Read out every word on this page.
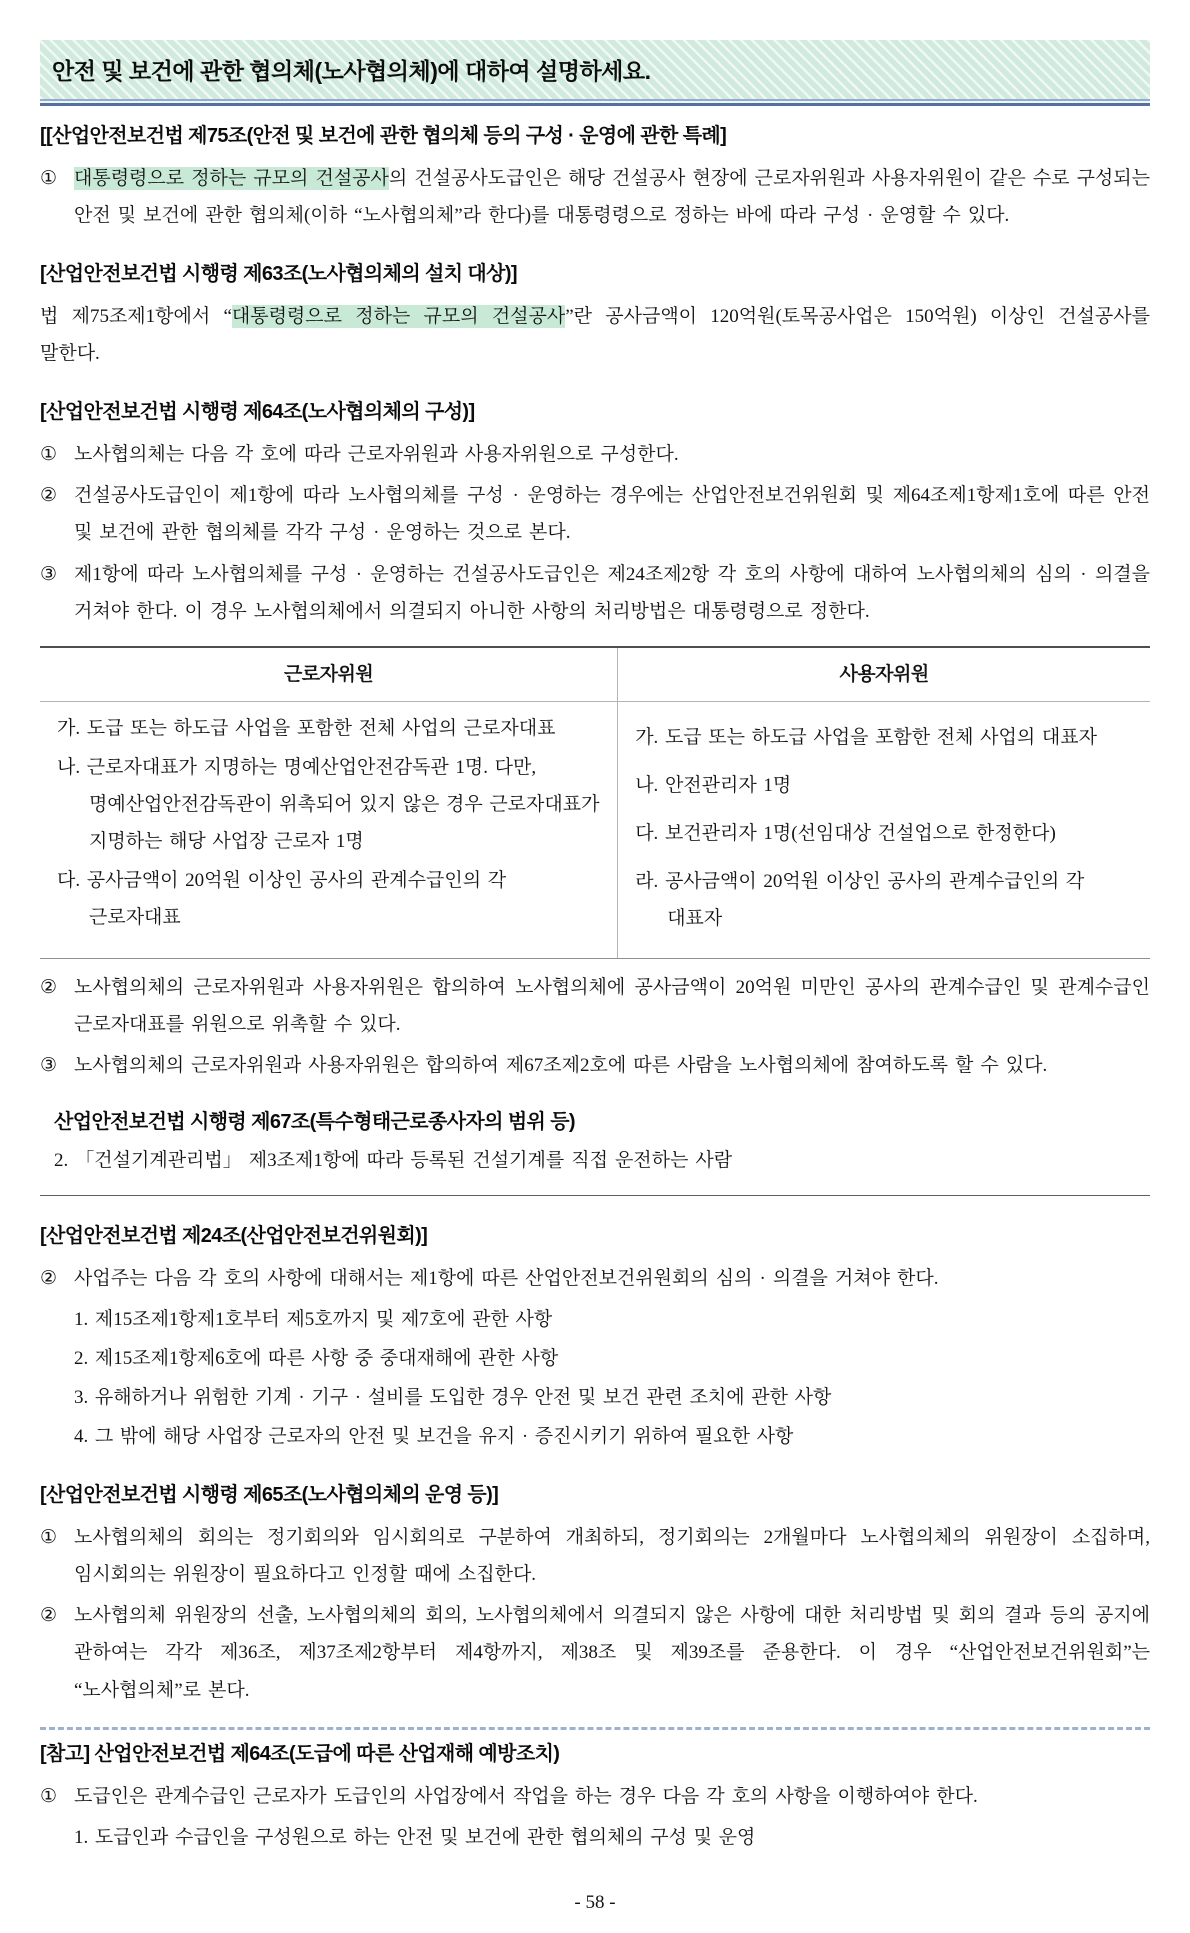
안전 및 보건에 관한 협의체(노사협의체)에 대하여 설명하세요.
[[산업안전보건법 제75조(안전 및 보건에 관한 협의체 등의 구성 · 운영에 관한 특례]
① 대통령령으로 정하는 규모의 건설공사의 건설공사도급인은 해당 건설공사 현장에 근로자위원과 사용자위원이 같은 수로 구성되는 안전 및 보건에 관한 협의체(이하 “노사협의체”라 한다)를 대통령령으로 정하는 바에 따라 구성 · 운영할 수 있다.
[산업안전보건법 시행령 제63조(노사협의체의 설치 대상)]

법 제75조제1항에서 “대통령령으로 정하는 규모의 건설공사”란 공사금액이 120억원(토목공사업은 150억원) 이상인 건설공사를 말한다.

[산업안전보건법 시행령 제64조(노사협의체의 구성)]
① 노사협의체는 다음 각 호에 따라 근로자위원과 사용자위원으로 구성한다.
② 건설공사도급인이 제1항에 따라 노사협의체를 구성 · 운영하는 경우에는 산업안전보건위원회 및 제64조제1항제1호에 따른 안전 및 보건에 관한 협의체를 각각 구성 · 운영하는 것으로 본다.
③ 제1항에 따라 노사협의체를 구성 · 운영하는 건설공사도급인은 제24조제2항 각 호의 사항에 대하여 노사협의체의 심의 · 의결을 거쳐야 한다. 이 경우 노사협의체에서 의결되지 아니한 사항의 처리방법은 대통령령으로 정한다.
근로자위원	사용자위원

가. 도급 또는 하도급 사업을 포함한 전체 사업의 근로자대표

나. 근로자대표가 지명하는 명예산업안전감독관 1명. 다만, 명예산업안전감독관이 위촉되어 있지 않은 경우 근로자대표가 지명하는 해당 사업장 근로자 1명

다. 공사금액이 20억원 이상인 공사의 관계수급인의 각 근로자대표

가. 도급 또는 하도급 사업을 포함한 전체 사업의 대표자

나. 안전관리자 1명

다. 보건관리자 1명(선임대상 건설업으로 한정한다)

라. 공사금액이 20억원 이상인 공사의 관계수급인의 각 대표자

② 노사협의체의 근로자위원과 사용자위원은 합의하여 노사협의체에 공사금액이 20억원 미만인 공사의 관계수급인 및 관계수급인 근로자대표를 위원으로 위촉할 수 있다.
③ 노사협의체의 근로자위원과 사용자위원은 합의하여 제67조제2호에 따른 사람을 노사협의체에 참여하도록 할 수 있다.
산업안전보건법 시행령 제67조(특수형태근로종사자의 범위 등)

2. 「건설기계관리법」 제3조제1항에 따라 등록된 건설기계를 직접 운전하는 사람

[산업안전보건법 제24조(산업안전보건위원회)]
② 사업주는 다음 각 호의 사항에 대해서는 제1항에 따른 산업안전보건위원회의 심의 · 의결을 거쳐야 한다.

1. 제15조제1항제1호부터 제5호까지 및 제7호에 관한 사항

2. 제15조제1항제6호에 따른 사항 중 중대재해에 관한 사항

3. 유해하거나 위험한 기계 · 기구 · 설비를 도입한 경우 안전 및 보건 관련 조치에 관한 사항

4. 그 밖에 해당 사업장 근로자의 안전 및 보건을 유지 · 증진시키기 위하여 필요한 사항

[산업안전보건법 시행령 제65조(노사협의체의 운영 등)]
① 노사협의체의 회의는 정기회의와 임시회의로 구분하여 개최하되, 정기회의는 2개월마다 노사협의체의 위원장이 소집하며, 임시회의는 위원장이 필요하다고 인정할 때에 소집한다.
② 노사협의체 위원장의 선출, 노사협의체의 회의, 노사협의체에서 의결되지 않은 사항에 대한 처리방법 및 회의 결과 등의 공지에 관하여는 각각 제36조, 제37조제2항부터 제4항까지, 제38조 및 제39조를 준용한다. 이 경우 “산업안전보건위원회”는 “노사협의체”로 본다.
[참고] 산업안전보건법 제64조(도급에 따른 산업재해 예방조치)
① 도급인은 관계수급인 근로자가 도급인의 사업장에서 작업을 하는 경우 다음 각 호의 사항을 이행하여야 한다.

1. 도급인과 수급인을 구성원으로 하는 안전 및 보건에 관한 협의체의 구성 및 운영

- 58 -
